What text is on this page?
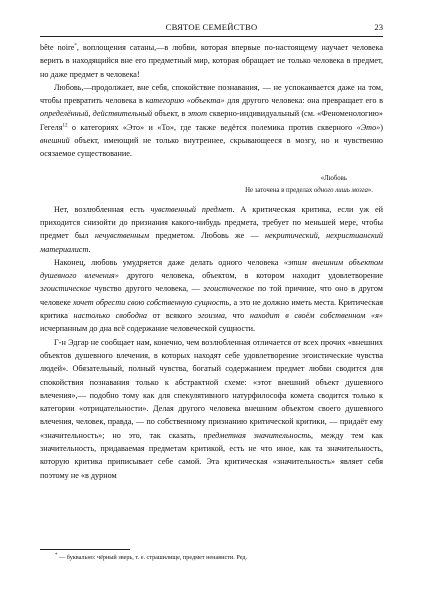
СВЯТОЕ СЕМЕЙСТВО	23

bête noire*, воплощения сатаны,—в любви, которая впервые по-настоящему научает человека верить в находящийся вне его предметный мир, которая обращает не только человека в предмет, но даже предмет в человека!

Любовь,—продолжает, вне себя, спокойствие познавания, — не успокаивается даже на том, чтобы превратить человека в категорию «объекта» для другого человека: она превращает его в определённый, действительный объект, в этот скверно-индивидуальный (см. «Феноменологию» Гегеля$^{12}$ о категориях «Это» и «То», где также ведётся полемика против скверного «Это») внешний объект, имеющий не только внутреннее, скрывающееся в мозгу, но и чувственно осязаемое существование.

«Любовь
Не заточена в пределах одного лишь мозга».

Нет, возлюбленная есть чувственный предмет. А критическая критика, если уж ей приходится снизойти до признания какого-нибудь предмета, требует по меньшей мере, чтобы предмет был нечувственным предметом. Любовь же — некритический, нехристианский материалист.

Наконец, любовь умудряется даже делать одного человека «этим внешним объектом душевного влечения» другого человека, объектом, в котором находит удовлетворение эгоистическое чувство другого человека, — эгоистическое по той причине, что оно в другом человеке хочет обрести свою собственную сущность, а это не должно иметь места. Критическая критика настолько свободна от всякого эгоизма, что находит в своём собственном «я» исчерпанным до дна всё содержание человеческой сущности.

Г-н Эдгар не сообщает нам, конечно, чем возлюбленная отличается от всех прочих «внешних объектов душевного влечения, в которых находят себе удовлетворение эгоистические чувства людей». Обязательный, полный чувства, богатый содержанием предмет любви сводится для спокойствия познавания только к абстрактной схеме: «этот внешний объект душевного влечения»,— подобно тому как для спекулятивного натурфилософа комета сводится только к категории «отрицательности». Делая другого человека внешним объектом своего душевного влечения, человек, правда, — по собственному признанию критической критики, — придаёт ему «значительность»; но это, так сказать, предметная значительность, между тем как значительность, придаваемая предметам критикой, есть не что иное, как та значительность, которую критика приписывает себе самой. Эта критическая «значительность» являет себя поэтому не «в дурном

* — буквально: чёрный зверь, т. е. страшилище, предмет ненависти. Ред.
